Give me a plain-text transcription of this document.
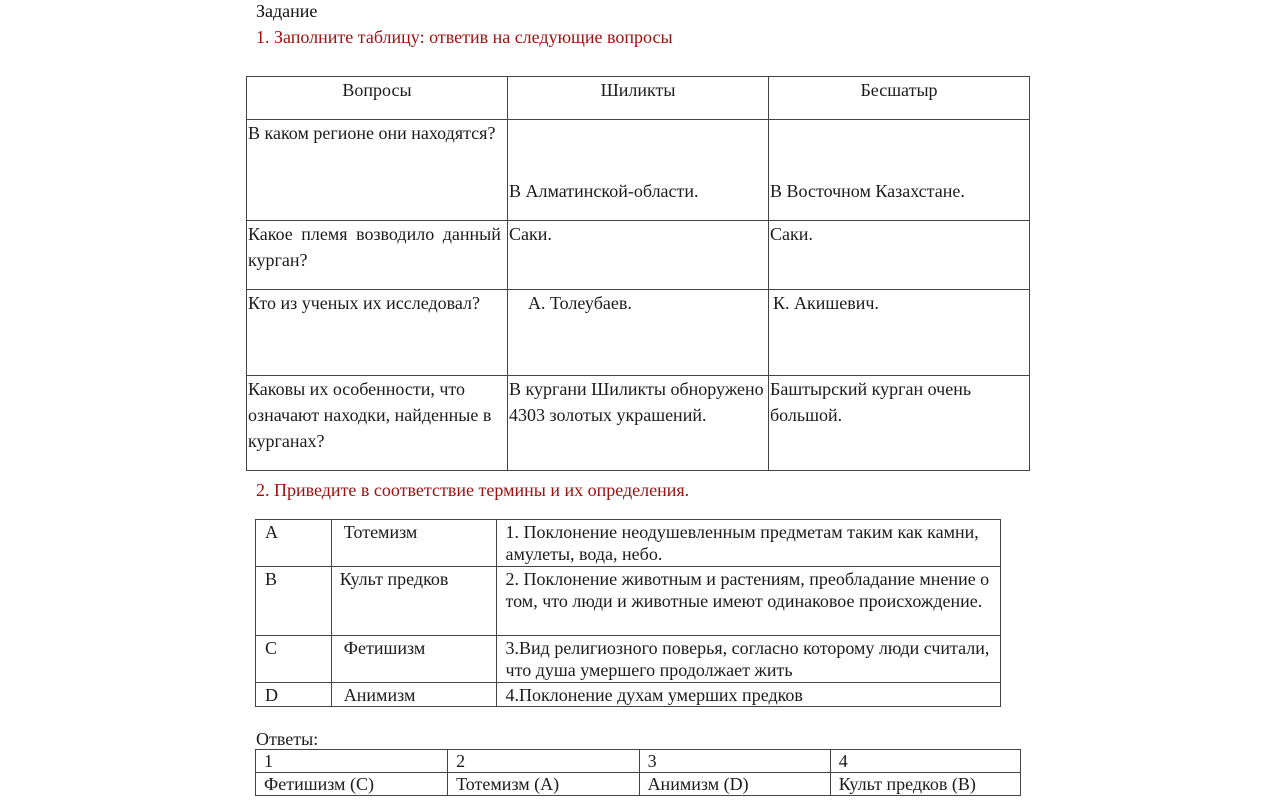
Задание
1. Заполните таблицу: ответив на следующие вопросы
Вопросы	Шиликты	Бесшатыр
В каком регионе они находятся?	В Алматинской-области.	В Восточном Казахстане.
Какое племя возводило данный курган?	Саки.	Саки.
Кто из ученых их исследовал?	А. Толеубаев.	К. Акишевич.
Каковы их особенности, что означают находки, найденные в курганах?	В кургани Шиликты обноружено 4303 золотых украшений.	Баштырский курган очень большой.
2. Приведите в соответствие термины и их определения.
A	Тотемизм	1. Поклонение неодушевленным предметам таким как камни, амулеты, вода, небо.
B	Культ предков	2. Поклонение животным и растениям, преобладание мнение о том, что люди и животные имеют одинаковое происхождение.
C	Фетишизм	3.Вид религиозного поверья, согласно которому люди считали, что душа умершего продолжает жить
D	Анимизм	4.Поклонение духам умерших предков
Ответы:
1	2	3	4
Фетишизм (C)	Тотемизм (A)	Анимизм (D)	Культ предков (B)
